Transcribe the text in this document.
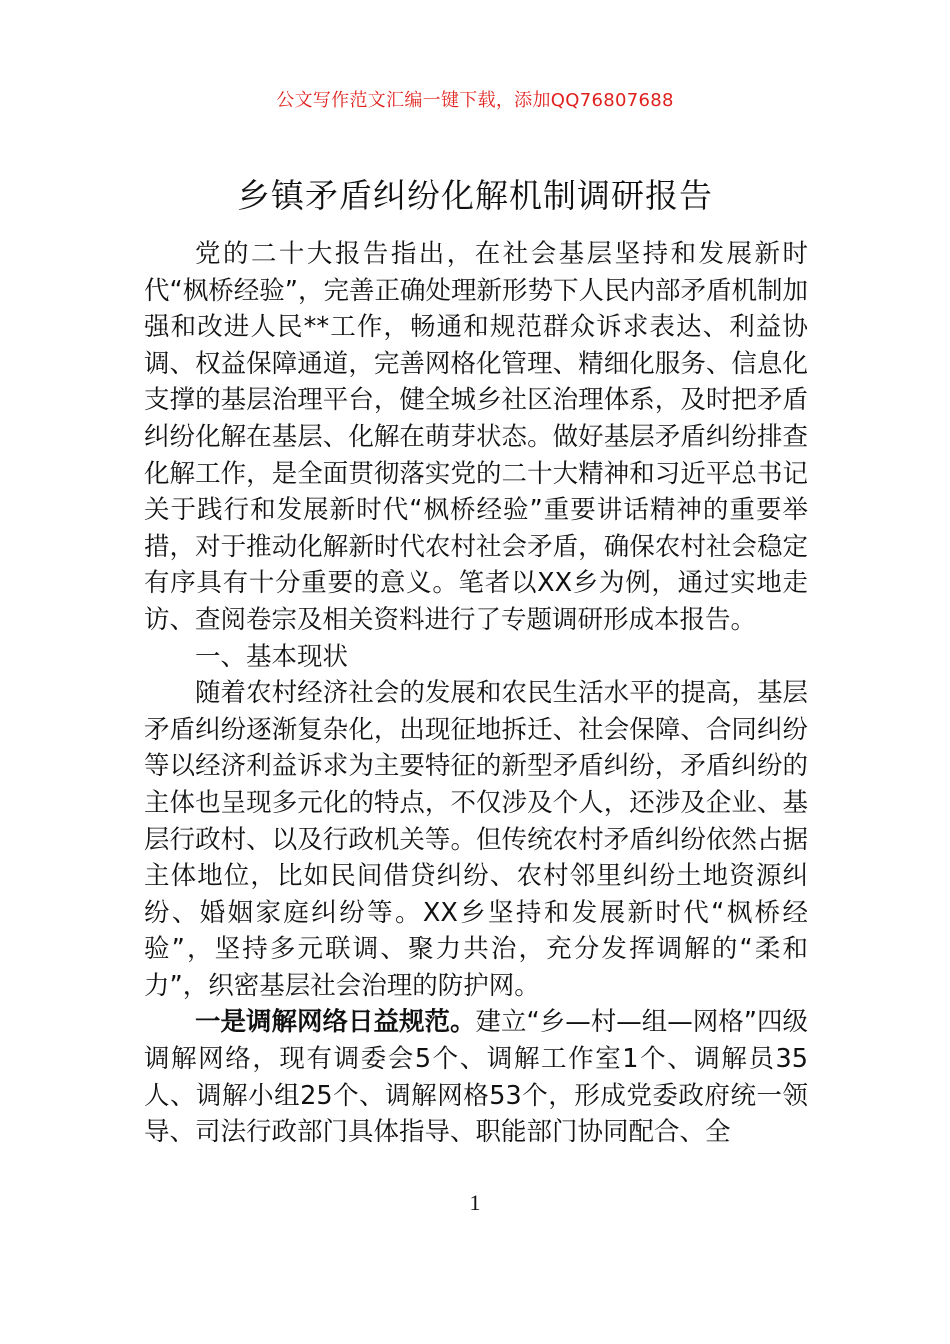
公文写作范文汇编一键下载，添加QQ76807688
乡镇矛盾纠纷化解机制调研报告

党的二十大报告指出，在社会基层坚持和发展新时代“枫桥经验”，完善正确处理新形势下人民内部矛盾机制加强和改进人民**工作，畅通和规范群众诉求表达、利益协调、权益保障通道，完善网格化管理、精细化服务、信息化支撑的基层治理平台，健全城乡社区治理体系，及时把矛盾纠纷化解在基层、化解在萌芽状态。做好基层矛盾纠纷排查化解工作，是全面贯彻落实党的二十大精神和习近平总书记关于践行和发展新时代“枫桥经验”重要讲话精神的重要举措，对于推动化解新时代农村社会矛盾，确保农村社会稳定有序具有十分重要的意义。笔者以XX乡为例，通过实地走访、查阅卷宗及相关资料进行了专题调研形成本报告。

一、基本现状

随着农村经济社会的发展和农民生活水平的提高，基层矛盾纠纷逐渐复杂化，出现征地拆迁、社会保障、合同纠纷等以经济利益诉求为主要特征的新型矛盾纠纷，矛盾纠纷的主体也呈现多元化的特点，不仅涉及个人，还涉及企业、基层行政村、以及行政机关等。但传统农村矛盾纠纷依然占据主体地位，比如民间借贷纠纷、农村邻里纠纷土地资源纠纷、婚姻家庭纠纷等。XX乡坚持和发展新时代“枫桥经验”，坚持多元联调、聚力共治，充分发挥调解的“柔和力”，织密基层社会治理的防护网。

一是调解网络日益规范。建立“乡—村—组—网格”四级调解网络，现有调委会5个、调解工作室1个、调解员35人、调解小组25个、调解网格53个，形成党委政府统一领导、司法行政部门具体指导、职能部门协同配合、全

1
